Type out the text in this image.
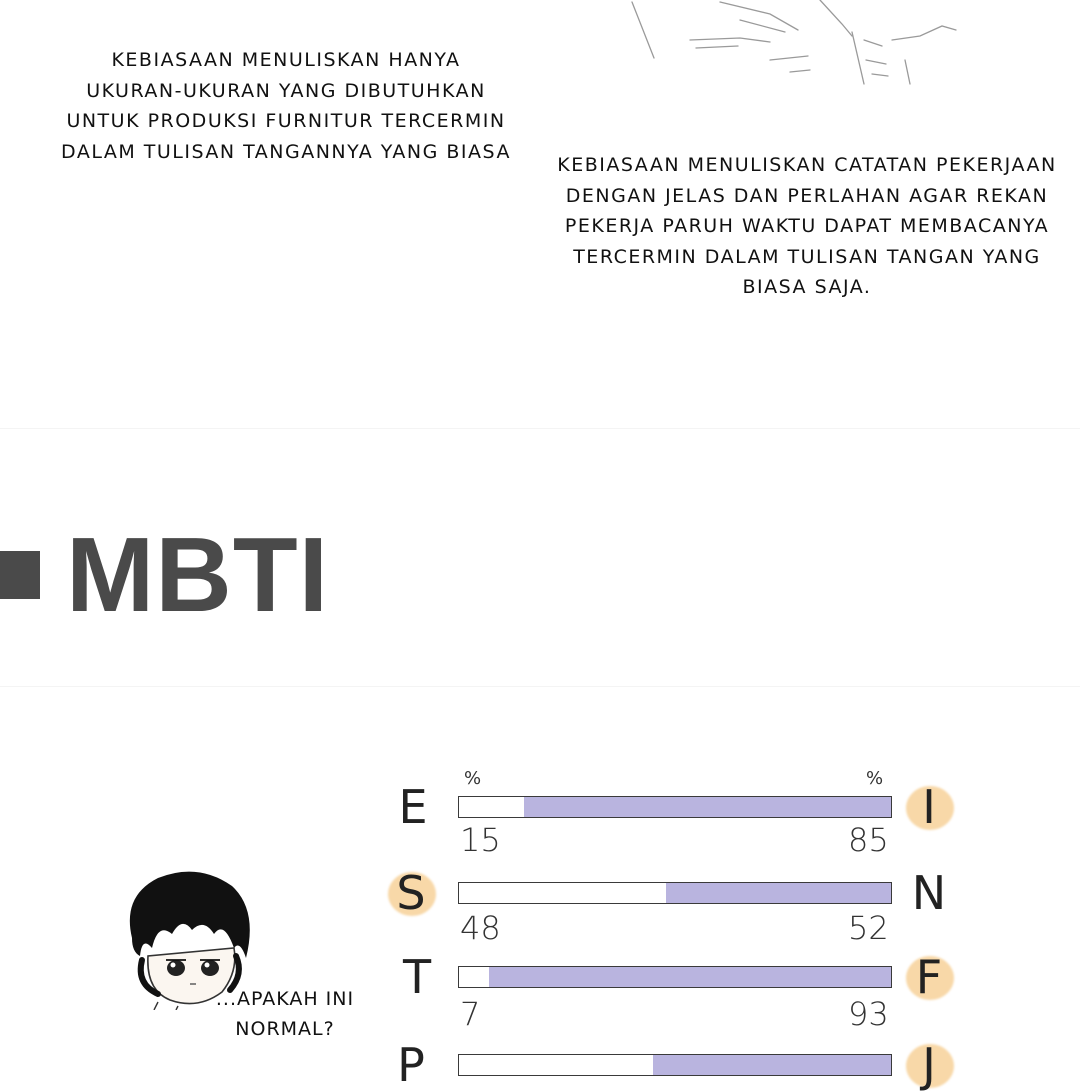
KEBIASAAN MENULISKAN HANYA
UKURAN-UKURAN YANG DIBUTUHKAN
UNTUK PRODUKSI FURNITUR TERCERMIN
DALAM TULISAN TANGANNYA YANG BIASA
KEBIASAAN MENULISKAN CATATAN PEKERJAAN
DENGAN JELAS DAN PERLAHAN AGAR REKAN
PEKERJA PARUH WAKTU DAPAT MEMBACANYA
TERCERMIN DALAM TULISAN TANGAN YANG
BIASA SAJA.
MBTI
%	%
E	I
15	85
S	N
48	52
T	F
7	93
P	J
...APAKAH INI
NORMAL?
